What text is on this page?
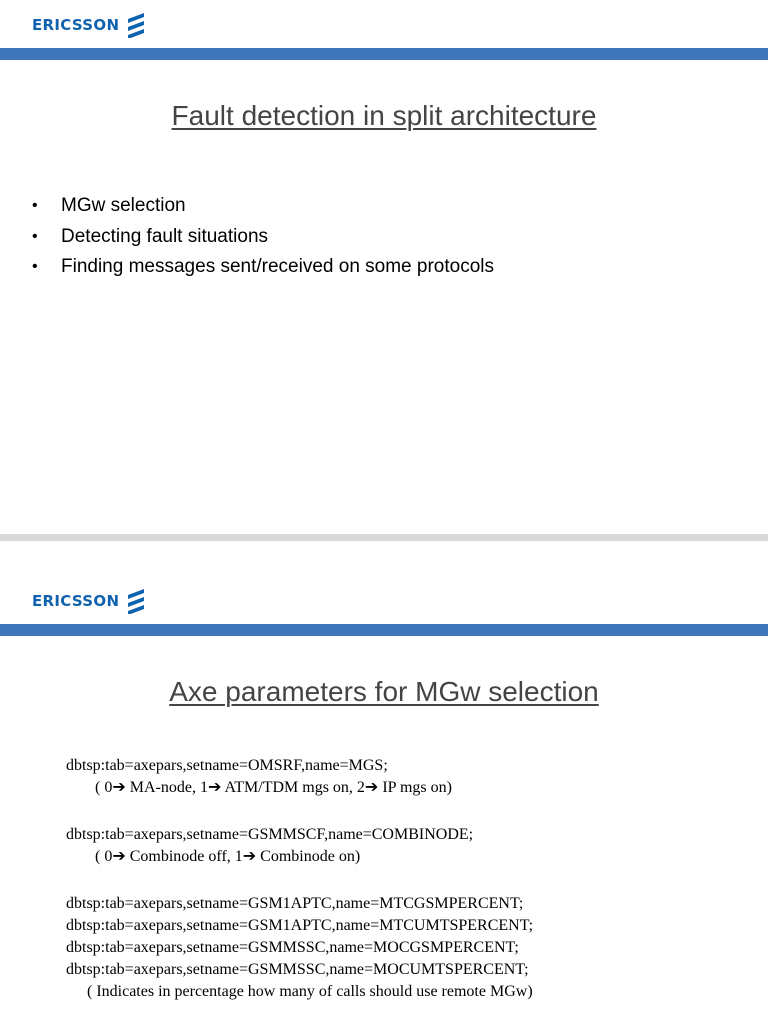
ERICSSON
Fault detection in split architecture
• MGw selection
• Detecting fault situations
• Finding messages sent/received on some protocols
ERICSSON
Axe parameters for MGw selection
dbtsp:tab=axepars,setname=OMSRF,name=MGS;
( 0➔ MA-node, 1➔ ATM/TDM mgs on, 2➔ IP mgs on)
dbtsp:tab=axepars,setname=GSMMSCF,name=COMBINODE;
( 0➔ Combinode off, 1➔ Combinode on)
dbtsp:tab=axepars,setname=GSM1APTC,name=MTCGSMPERCENT;
dbtsp:tab=axepars,setname=GSM1APTC,name=MTCUMTSPERCENT;
dbtsp:tab=axepars,setname=GSMMSSC,name=MOCGSMPERCENT;
dbtsp:tab=axepars,setname=GSMMSSC,name=MOCUMTSPERCENT;
( Indicates in percentage how many of calls should use remote MGw)
